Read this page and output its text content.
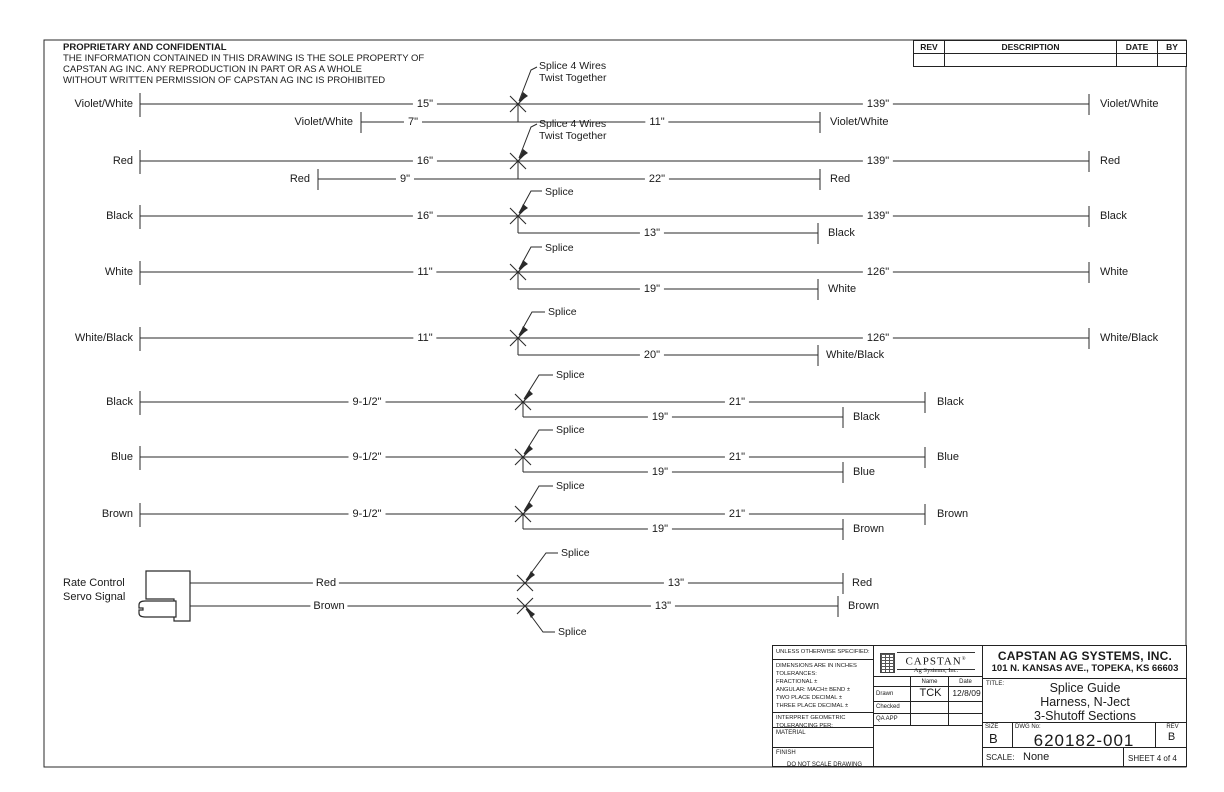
PROPRIETARY AND CONFIDENTIAL
THE INFORMATION CONTAINED IN THIS DRAWING IS THE SOLE PROPERTY OF
CAPSTAN AG INC. ANY REPRODUCTION IN PART OR AS A WHOLE
WITHOUT WRITTEN PERMISSION OF CAPSTAN AG INC IS PROHIBITED
REV	DESCRIPTION	DATE	BY
Violet/White	15"	139"	Violet/White
Violet/White	7"	11"	Violet/White
Splice 4 Wires
Twist Together
Red	16"	139"	Red
Red	9"	22"	Red
Splice 4 Wires
Twist Together
Black	16"	139"	Black
13"	Black
Splice
White	11"	126"	White
19"	White
Splice
White/Black	11"	126"	White/Black
20"	White/Black
Splice
Black	9-1/2"	21"	Black
19"	Black
Splice
Blue	9-1/2"	21"	Blue
19"	Blue
Splice
Brown	9-1/2"	21"	Brown
19"	Brown
Splice
Rate Control
Servo Signal
Red	13"	Red
Brown	13"	Brown
Splice
Splice
UNLESS OTHERWISE SPECIFIED:
DIMENSIONS ARE IN INCHES
TOLERANCES:
FRACTIONAL ±
ANGULAR: MACH± BEND ±
TWO PLACE DECIMAL ±
THREE PLACE DECIMAL ±
INTERPRET GEOMETRIC
TOLERANCING PER:
MATERIAL
FINISH
DO NOT SCALE DRAWING
CAPSTAN®
Ag Systems, Inc.
Name	Date
Drawn	TCK	12/8/09
Checked
QA APP
CAPSTAN AG SYSTEMS, INC.
101 N. KANSAS AVE., TOPEKA, KS 66603
TITLE:	Splice Guide
Harness, N-Ject
3-Shutoff Sections
SIZE
B
DWG No:
620182-001
REV
B
SCALE: None	SHEET 4 of 4
